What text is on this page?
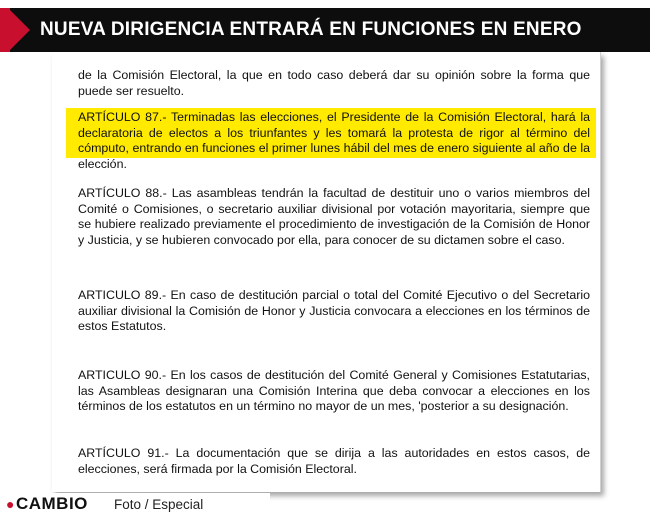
NUEVA DIRIGENCIA ENTRARÁ EN FUNCIONES EN ENERO
de la Comisión Electoral, la que en todo caso deberá dar su opinión sobre la forma que puede ser resuelto.
ARTÍCULO 87.- Terminadas las elecciones, el Presidente de la Comisión Electoral, hará la declaratoria de electos a los triunfantes y les tomará la protesta de rigor al término del cómputo, entrando en funciones el primer lunes hábil del mes de enero siguiente al año de la elección.
ARTÍCULO 88.- Las asambleas tendrán la facultad de destituir uno o varios miembros del Comité o Comisiones, o secretario auxiliar divisional por votación mayoritaria, siempre que se hubiere realizado previamente el procedimiento de investigación de la Comisión de Honor y Justicia, y se hubieren convocado por ella, para conocer de su dictamen sobre el caso.
ARTICULO 89.- En caso de destitución parcial o total del Comité Ejecutivo o del Secretario auxiliar divisional la Comisión de Honor y Justicia convocara a elecciones en los términos de estos Estatutos.
ARTICULO 90.- En los casos de destitución del Comité General y Comisiones Estatutarias, las Asambleas designaran una Comisión Interina que deba convocar a elecciones en los términos de los estatutos en un término no mayor de un mes, 'posterior a su designación.
ARTÍCULO 91.- La documentación que se dirija a las autoridades en estos casos, de elecciones, será firmada por la Comisión Electoral.
●CAMBIO Foto / Especial
